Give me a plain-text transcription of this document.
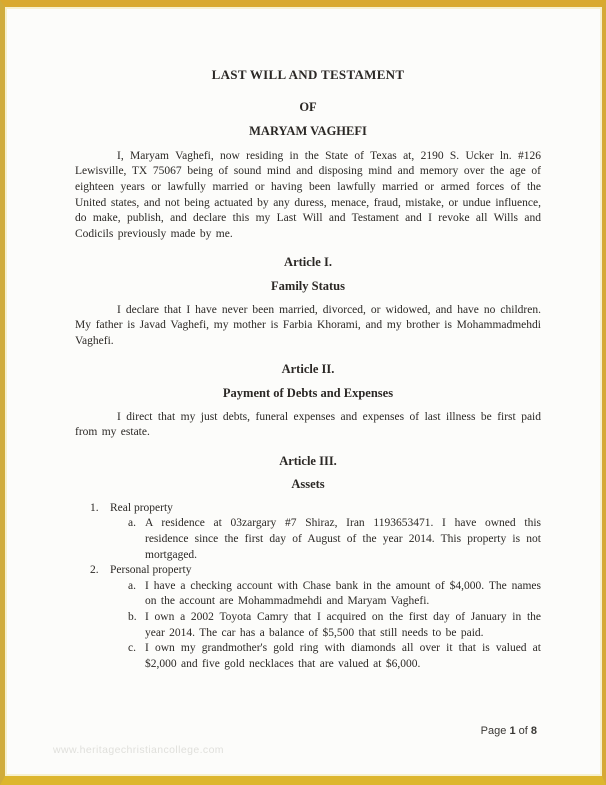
LAST WILL AND TESTAMENT
OF
MARYAM VAGHEFI

I, Maryam Vaghefi, now residing in the State of Texas at, 2190 S. Ucker ln. #126 Lewisville, TX 75067 being of sound mind and disposing mind and memory over the age of eighteen years or lawfully married or having been lawfully married or armed forces of the United states, and not being actuated by any duress, menace, fraud, mistake, or undue influence, do make, publish, and declare this my Last Will and Testament and I revoke all Wills and Codicils previously made by me.

Article I.
Family Status

I declare that I have never been married, divorced, or widowed, and have no children. My father is Javad Vaghefi, my mother is Farbia Khorami, and my brother is Mohammadmehdi Vaghefi.

Article II.
Payment of Debts and Expenses

I direct that my just debts, funeral expenses and expenses of last illness be first paid from my estate.

Article III.
Assets
1. Real property
a. A residence at 03zargary #7 Shiraz, Iran 1193653471. I have owned this residence since the first day of August of the year 2014. This property is not mortgaged.
2. Personal property
a. I have a checking account with Chase bank in the amount of $4,000. The names on the account are Mohammadmehdi and Maryam Vaghefi.
b. I own a 2002 Toyota Camry that I acquired on the first day of January in the year 2014. The car has a balance of $5,500 that still needs to be paid.
c. I own my grandmother's gold ring with diamonds all over it that is valued at $2,000 and five gold necklaces that are valued at $6,000.
Page 1 of 8
www.heritagechristiancollege.com
